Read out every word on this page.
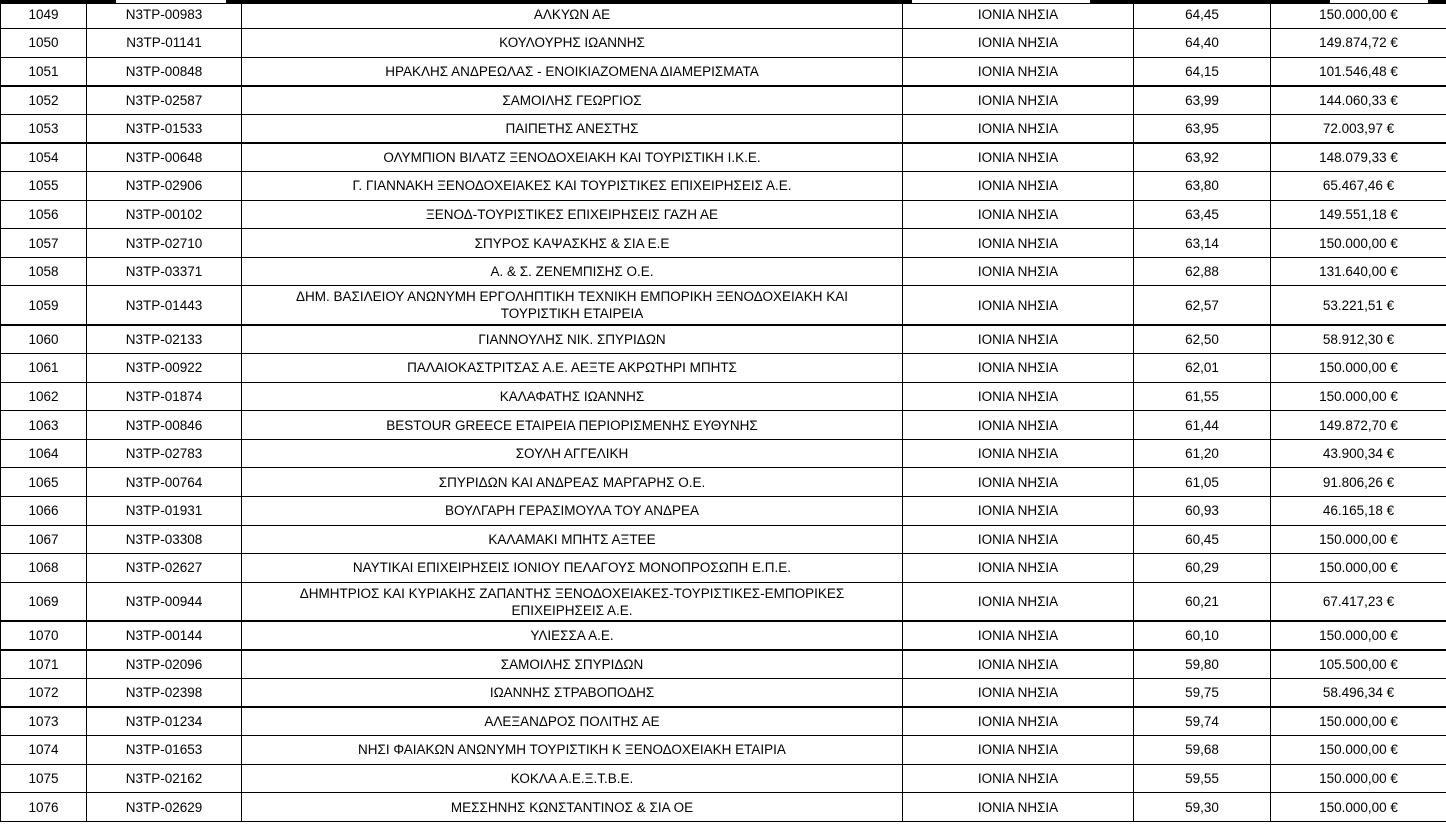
1049	N3TP-00983	ΑΛΚΥΩΝ ΑΕ	ΙΟΝΙΑ ΝΗΣΙΑ	64,45	150.000,00 €
1050	N3TP-01141	ΚΟΥΛΟΥΡΗΣ ΙΩΑΝΝΗΣ	ΙΟΝΙΑ ΝΗΣΙΑ	64,40	149.874,72 €
1051	N3TP-00848	ΗΡΑΚΛΗΣ ΑΝΔΡΕΩΛΑΣ - ΕΝΟΙΚΙΑΖΟΜΕΝΑ ΔΙΑΜΕΡΙΣΜΑΤΑ	ΙΟΝΙΑ ΝΗΣΙΑ	64,15	101.546,48 €
1052	N3TP-02587	ΣΑΜΟΙΛΗΣ ΓΕΩΡΓΙΟΣ	ΙΟΝΙΑ ΝΗΣΙΑ	63,99	144.060,33 €
1053	N3TP-01533	ΠΑΙΠΕΤΗΣ ΑΝΕΣΤΗΣ	ΙΟΝΙΑ ΝΗΣΙΑ	63,95	72.003,97 €
1054	N3TP-00648	ΟΛΥΜΠΙΟΝ ΒΙΛΑΤΖ ΞΕΝΟΔΟΧΕΙΑΚΗ ΚΑΙ ΤΟΥΡΙΣΤΙΚΗ Ι.Κ.Ε.	ΙΟΝΙΑ ΝΗΣΙΑ	63,92	148.079,33 €
1055	N3TP-02906	Γ. ΓΙΑΝΝΑΚΗ ΞΕΝΟΔΟΧΕΙΑΚΕΣ ΚΑΙ ΤΟΥΡΙΣΤΙΚΕΣ ΕΠΙΧΕΙΡΗΣΕΙΣ Α.Ε.	ΙΟΝΙΑ ΝΗΣΙΑ	63,80	65.467,46 €
1056	N3TP-00102	ΞΕΝΟΔ-ΤΟΥΡΙΣΤΙΚΕΣ ΕΠΙΧΕΙΡΗΣΕΙΣ ΓΑΖΗ ΑΕ	ΙΟΝΙΑ ΝΗΣΙΑ	63,45	149.551,18 €
1057	N3TP-02710	ΣΠΥΡΟΣ ΚΑΨΑΣΚΗΣ & ΣΙΑ Ε.Ε	ΙΟΝΙΑ ΝΗΣΙΑ	63,14	150.000,00 €
1058	N3TP-03371	Α. & Σ. ΖΕΝΕΜΠΙΣΗΣ Ο.Ε.	ΙΟΝΙΑ ΝΗΣΙΑ	62,88	131.640,00 €
1059	N3TP-01443	ΔΗΜ. ΒΑΣΙΛΕΙΟΥ ΑΝΩΝΥΜΗ ΕΡΓΟΛΗΠΤΙΚΗ ΤΕΧΝΙΚΗ ΕΜΠΟΡΙΚΗ ΞΕΝΟΔΟΧΕΙΑΚΗ ΚΑΙ ΤΟΥΡΙΣΤΙΚΗ ΕΤΑΙΡΕΙΑ	ΙΟΝΙΑ ΝΗΣΙΑ	62,57	53.221,51 €
1060	N3TP-02133	ΓΙΑΝΝΟΥΛΗΣ ΝΙΚ. ΣΠΥΡΙΔΩΝ	ΙΟΝΙΑ ΝΗΣΙΑ	62,50	58.912,30 €
1061	N3TP-00922	ΠΑΛΑΙΟΚΑΣΤΡΙΤΣΑΣ Α.Ε. ΑΕΞΤΕ ΑΚΡΩΤΗΡΙ ΜΠΗΤΣ	ΙΟΝΙΑ ΝΗΣΙΑ	62,01	150.000,00 €
1062	N3TP-01874	ΚΑΛΑΦΑΤΗΣ ΙΩΑΝΝΗΣ	ΙΟΝΙΑ ΝΗΣΙΑ	61,55	150.000,00 €
1063	N3TP-00846	BESTOUR GREECE ΕΤΑΙΡΕΙΑ ΠΕΡΙΟΡΙΣΜΕΝΗΣ ΕΥΘΥΝΗΣ	ΙΟΝΙΑ ΝΗΣΙΑ	61,44	149.872,70 €
1064	N3TP-02783	ΣΟΥΛΗ ΑΓΓΕΛΙΚΗ	ΙΟΝΙΑ ΝΗΣΙΑ	61,20	43.900,34 €
1065	N3TP-00764	ΣΠΥΡΙΔΩΝ ΚΑΙ ΑΝΔΡΕΑΣ ΜΑΡΓΑΡΗΣ Ο.Ε.	ΙΟΝΙΑ ΝΗΣΙΑ	61,05	91.806,26 €
1066	N3TP-01931	ΒΟΥΛΓΑΡΗ ΓΕΡΑΣΙΜΟΥΛΑ ΤΟΥ ΑΝΔΡΕΑ	ΙΟΝΙΑ ΝΗΣΙΑ	60,93	46.165,18 €
1067	N3TP-03308	ΚΑΛΑΜΑΚΙ ΜΠΗΤΣ ΑΞΤΕΕ	ΙΟΝΙΑ ΝΗΣΙΑ	60,45	150.000,00 €
1068	N3TP-02627	ΝΑΥΤΙΚΑΙ ΕΠΙΧΕΙΡΗΣΕΙΣ ΙΟΝΙΟΥ ΠΕΛΑΓΟΥΣ ΜΟΝΟΠΡΟΣΩΠΗ Ε.Π.Ε.	ΙΟΝΙΑ ΝΗΣΙΑ	60,29	150.000,00 €
1069	N3TP-00944	ΔΗΜΗΤΡΙΟΣ ΚΑΙ ΚΥΡΙΑΚΗΣ ΖΑΠΑΝΤΗΣ ΞΕΝΟΔΟΧΕΙΑΚΕΣ-ΤΟΥΡΙΣΤΙΚΕΣ-ΕΜΠΟΡΙΚΕΣ ΕΠΙΧΕΙΡΗΣΕΙΣ Α.Ε.	ΙΟΝΙΑ ΝΗΣΙΑ	60,21	67.417,23 €
1070	N3TP-00144	ΥΛΙΕΣΣΑ Α.Ε.	ΙΟΝΙΑ ΝΗΣΙΑ	60,10	150.000,00 €
1071	N3TP-02096	ΣΑΜΟΙΛΗΣ ΣΠΥΡΙΔΩΝ	ΙΟΝΙΑ ΝΗΣΙΑ	59,80	105.500,00 €
1072	N3TP-02398	ΙΩΑΝΝΗΣ ΣΤΡΑΒΟΠΟΔΗΣ	ΙΟΝΙΑ ΝΗΣΙΑ	59,75	58.496,34 €
1073	N3TP-01234	ΑΛΕΞΑΝΔΡΟΣ ΠΟΛΙΤΗΣ ΑΕ	ΙΟΝΙΑ ΝΗΣΙΑ	59,74	150.000,00 €
1074	N3TP-01653	ΝΗΣΙ ΦΑΙΑΚΩΝ ΑΝΩΝΥΜΗ ΤΟΥΡΙΣΤΙΚΗ Κ ΞΕΝΟΔΟΧΕΙΑΚΗ ΕΤΑΙΡΙΑ	ΙΟΝΙΑ ΝΗΣΙΑ	59,68	150.000,00 €
1075	N3TP-02162	ΚΟΚΛΑ Α.Ε.Ξ.Τ.Β.Ε.	ΙΟΝΙΑ ΝΗΣΙΑ	59,55	150.000,00 €
1076	N3TP-02629	ΜΕΣΣΗΝΗΣ ΚΩΝΣΤΑΝΤΙΝΟΣ & ΣΙΑ ΟΕ	ΙΟΝΙΑ ΝΗΣΙΑ	59,30	150.000,00 €
